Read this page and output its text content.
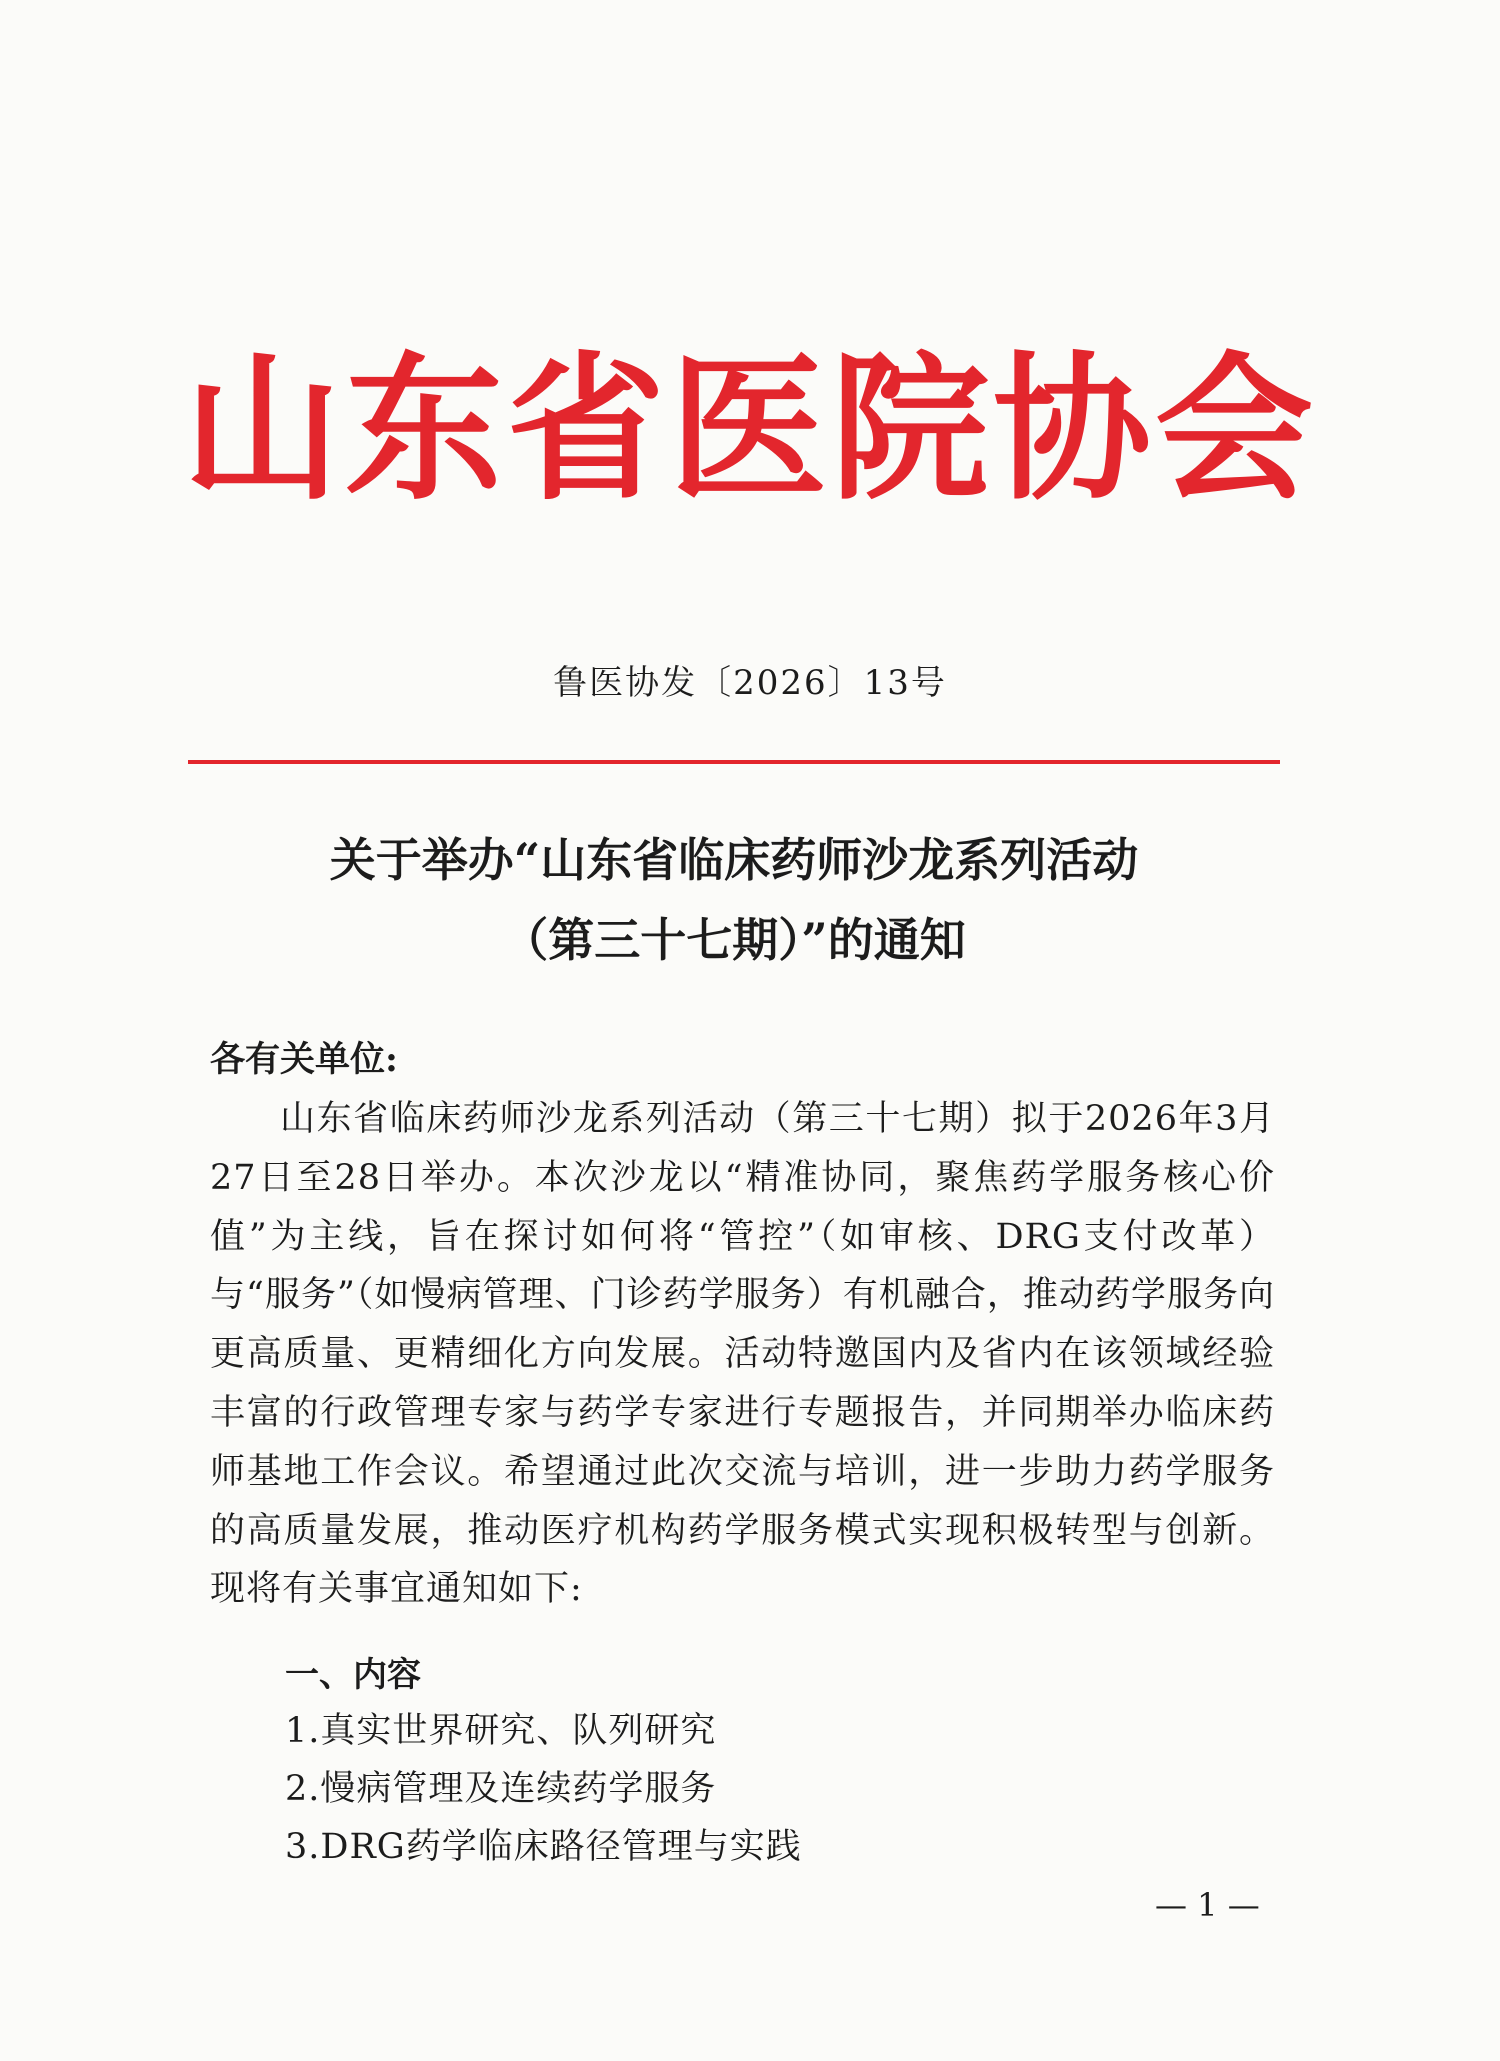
山东省医院协会
鲁医协发〔2026〕13号
关于举办“山东省临床药师沙龙系列活动
（第三十七期）”的通知
各有关单位:

山东省临床药师沙龙系列活动（第三十七期）拟于2026年3月27日至28日举办。本次沙龙以“精准协同，聚焦药学服务核心价值”为主线，旨在探讨如何将“管控”（如审核、DRG支付改革）与“服务”（如慢病管理、门诊药学服务）有机融合，推动药学服务向更高质量、更精细化方向发展。活动特邀国内及省内在该领域经验丰富的行政管理专家与药学专家进行专题报告，并同期举办临床药师基地工作会议。希望通过此次交流与培训，进一步助力药学服务的高质量发展，推动医疗机构药学服务模式实现积极转型与创新。现将有关事宜通知如下:

一、内容
1.真实世界研究、队列研究
2.慢病管理及连续药学服务
3.DRG药学临床路径管理与实践
— 1 —
